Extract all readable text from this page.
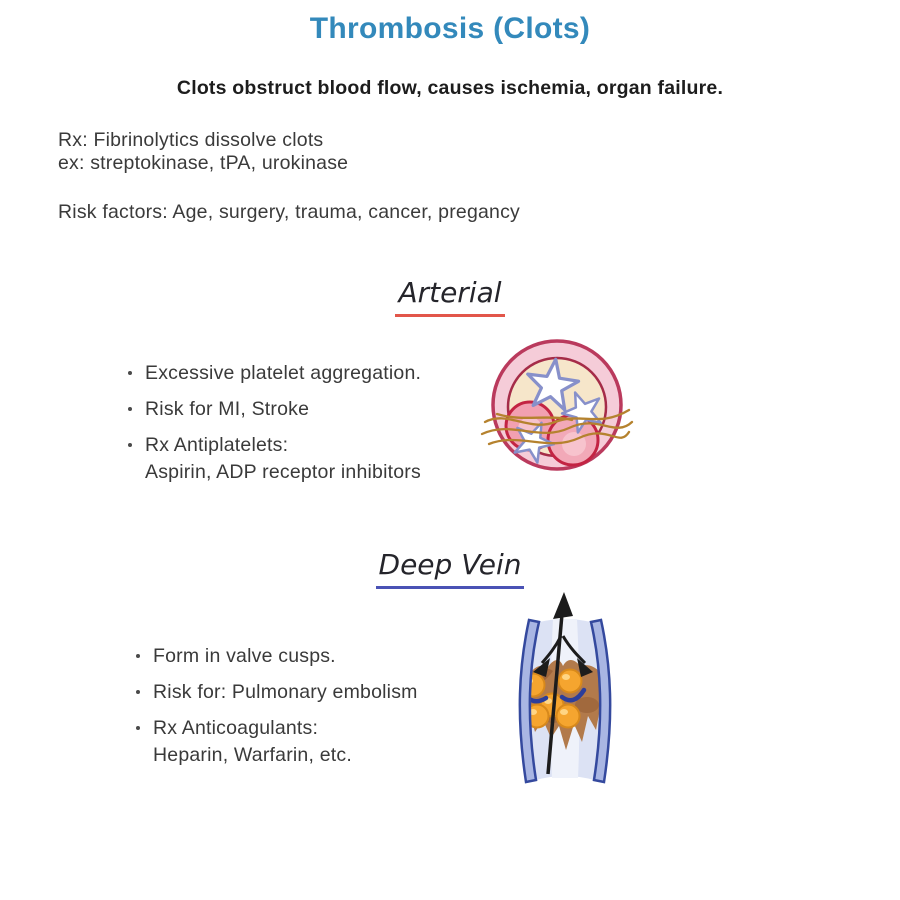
Thrombosis (Clots)
Clots obstruct blood flow, causes ischemia, organ failure.
Rx: Fibrinolytics dissolve clots
ex: streptokinase, tPA, urokinase
Risk factors: Age, surgery, trauma, cancer, pregancy
Arterial
Excessive platelet aggregation.
Risk for MI, Stroke
Rx Antiplatelets:
Aspirin, ADP receptor inhibitors
Deep Vein
Form in valve cusps.
Risk for: Pulmonary embolism
Rx Anticoagulants:
Heparin, Warfarin, etc.
